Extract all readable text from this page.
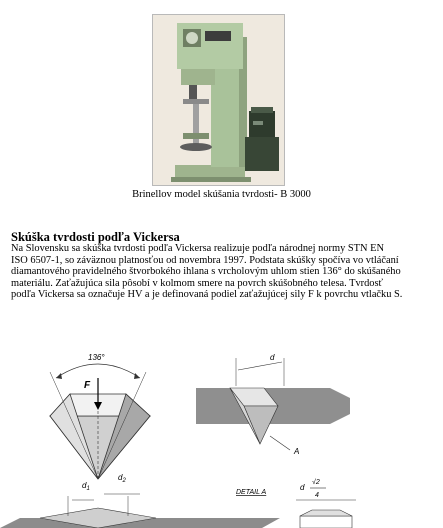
Brinellov model skúšania tvrdosti- B 3000
Skúška tvrdosti podľa Vickersa
Na Slovensku sa skúška tvrdosti podľa Vickersa realizuje podľa národnej normy STN EN
ISO 6507-1, so záväznou platnosťou od novembra 1997. Podstata skúšky spočíva vo vtláčaní
diamantového pravidelného štvorbokého ihlana s vrcholovým uhlom stien 136° do skúšaného
materiálu. Zaťažujúca sila pôsobí v kolmom smere na povrch skúšobného telesa. Tvrdosť
podľa Vickersa sa označuje HV a je definovaná podiel zaťažujúcej sily F k povrchu vtlačku S.
136°
F
$d_1$
$d_2$
d
A
DETAIL A
d
√2
4
